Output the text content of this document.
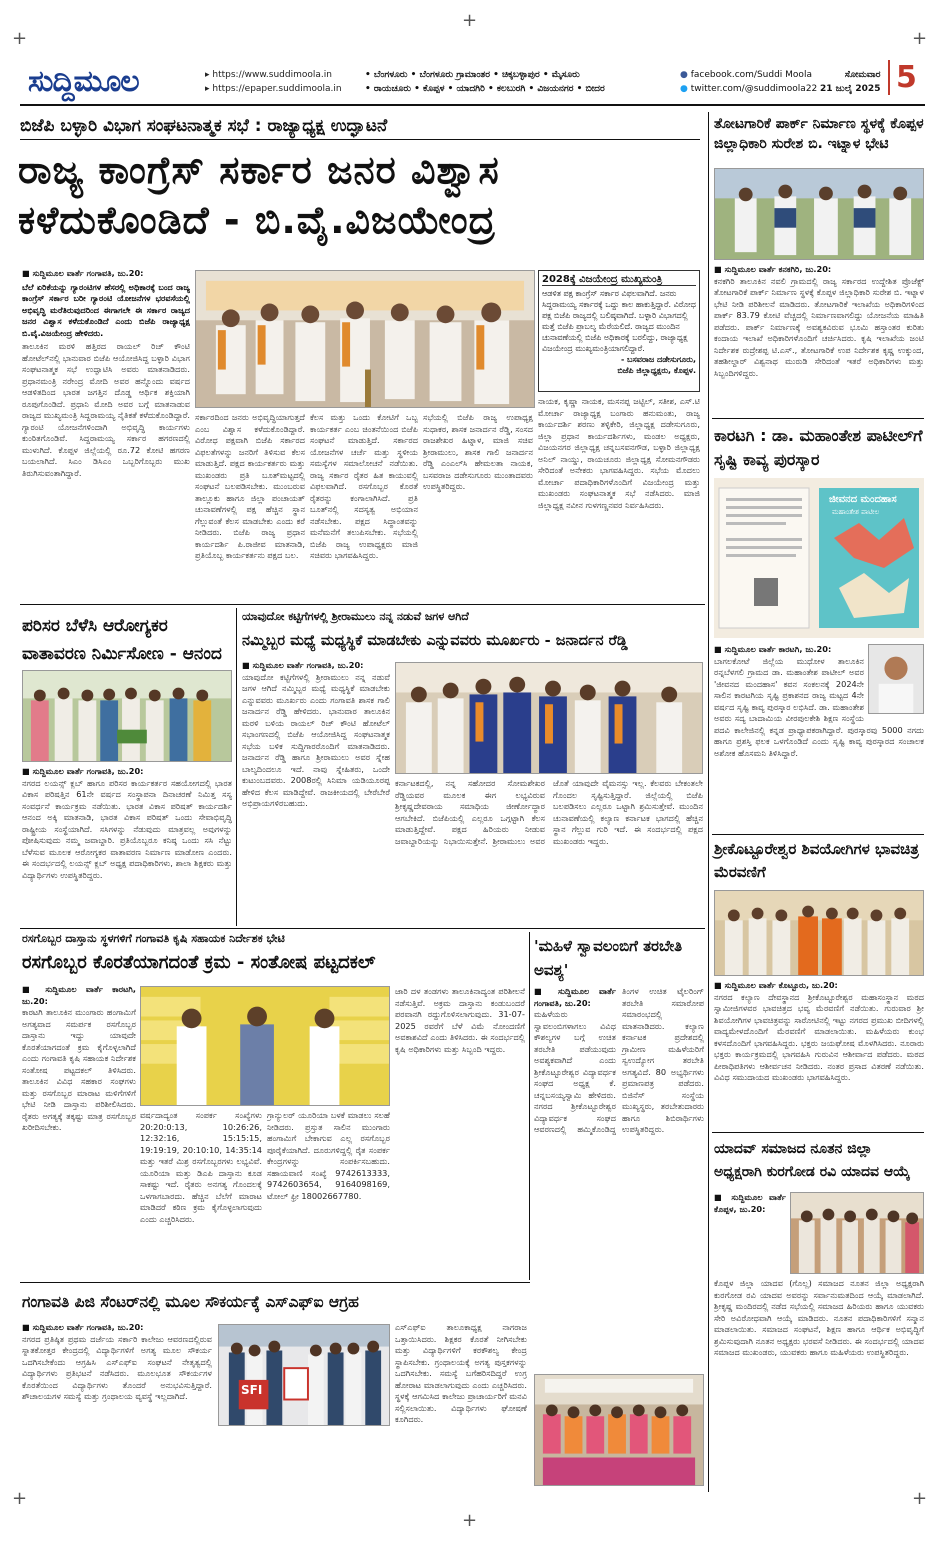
+
+
+
+
+
+
ಸುದ್ದಿಮೂಲ	▸ https://www.suddimoola.in
▸ https://epaper.suddimoola.in
• ಬೆಂಗಳೂರು • ಬೆಂಗಳೂರು ಗ್ರಾಮಾಂತರ • ಚಿಕ್ಕಬಳ್ಳಾಪುರ • ಮೈಸೂರು
• ರಾಯಚೂರು • ಕೊಪ್ಪಳ • ಯಾದಗಿರಿ • ಕಲಬುರಗಿ • ವಿಜಯನಗರ • ಬೀದರ
● facebook.com/Suddi Moola
● twitter.com/@suddimoola22
ಸೋಮವಾರ
21 ಜುಲೈ 2025 5
ಬಿಜೆಪಿ ಬಳ್ಳಾರಿ ವಿಭಾಗ ಸಂಘಟನಾತ್ಮಕ ಸಭೆ : ರಾಜ್ಯಾಧ್ಯಕ್ಷ ಉದ್ಘಾಟನೆ
ರಾಜ್ಯ ಕಾಂಗ್ರೆಸ್ ಸರ್ಕಾರ ಜನರ ವಿಶ್ವಾಸ
ಕಳೆದುಕೊಂಡಿದೆ - ಬಿ.ವೈ.ವಿಜಯೇಂದ್ರ
■ ಸುದ್ದಿಮೂಲ ವಾರ್ತೆ ಗಂಗಾವತಿ, ಜು.20:
ಬೆಲೆ ಏರಿಕೆಯನ್ನು ಗ್ಯಾರಂಟಿಗಳ ಹೆಸರಲ್ಲಿ ಅಧಿಕಾರಕ್ಕೆ ಬಂದ ರಾಜ್ಯ ಕಾಂಗ್ರೆಸ್ ಸರ್ಕಾರ ಬರೀ ಗ್ಯಾರಂಟಿ ಯೋಜನೆಗಳ ಭರವಸೆಯಲ್ಲಿ ಅಭಿವೃದ್ಧಿ ಮರೆತಿರುವುದರಿಂದ ಈಗಾಗಲೇ ಈ ಸರ್ಕಾರ ರಾಜ್ಯದ ಜನರ ವಿಶ್ವಾಸ ಕಳೆದುಕೊಂಡಿದೆ ಎಂದು ಬಿಜೆಪಿ ರಾಜ್ಯಾಧ್ಯಕ್ಷ ಬಿ.ವೈ.ವಿಜಯೇಂದ್ರ ಹೇಳಿದರು.
ತಾಲೂಕಿನ ಮರಳಿ ಹತ್ತಿರದ ರಾಯಲ್ ರಿಚ್ ಕೌಂಟಿ ಹೋಟೆಲ್‌ನಲ್ಲಿ ಭಾನುವಾರ ಬಿಜೆಪಿ ಆಯೋಜಿಸಿದ್ದ ಬಳ್ಳಾರಿ ವಿಭಾಗ ಸಂಘಟನಾತ್ಮಕ ಸಭೆ ಉದ್ಘಾಟಿಸಿ ಅವರು ಮಾತನಾಡಿದರು. ಪ್ರಧಾನಮಂತ್ರಿ ನರೇಂದ್ರ ಮೋದಿ ಅವರ ಹನ್ನೊಂದು ವರ್ಷದ ಆಡಳಿತದಿಂದ ಭಾರತ ಜಗತ್ತಿನ ದೊಡ್ಡ ಆರ್ಥಿಕ ಶಕ್ತಿಯಾಗಿ ರೂಪುಗೊಂಡಿದೆ. ಪ್ರಧಾನಿ ಮೋದಿ ಅವರ ಬಗ್ಗೆ ಮಾತನಾಡುವ ರಾಜ್ಯದ ಮುಖ್ಯಮಂತ್ರಿ ಸಿದ್ದರಾಮಯ್ಯ ನೈತಿಕತೆ ಕಳೆದುಕೊಂಡಿದ್ದಾರೆ. ಗ್ಯಾರಂಟಿ ಯೋಜನೆಗಳಿಂದಾಗಿ ಅಭಿವೃದ್ಧಿ ಕಾರ್ಯಗಳು ಕುಂಠಿತಗೊಂಡಿವೆ. ಸಿದ್ದರಾಮಯ್ಯ ಸರ್ಕಾರ ಹಗರಣದಲ್ಲಿ ಮುಳುಗಿದೆ. ಕೊಪ್ಪಳ ಜಿಲ್ಲೆಯಲ್ಲಿ ರೂ.72 ಕೋಟಿ ಹಗರಣ ಬಯಲಾಗಿದೆ. ಸಿಎಂ ಡಿಸಿಎಂ ಒಬ್ಬರಿಗೊಬ್ಬರು ಮುಖ ತಿರುಗಿಸುವಂತಾಗಿದ್ದಾರೆ.
2028ಕ್ಕೆ ವಿಜಯೇಂದ್ರ ಮುಖ್ಯಮಂತ್ರಿ
ಆಡಳಿತ ಪಕ್ಷ ಕಾಂಗ್ರೆಸ್ ಸರ್ಕಾರ ವಿಫಲವಾಗಿದೆ. ಜನರು ಸಿದ್ದರಾಮಯ್ಯ ಸರ್ಕಾರಕ್ಕೆ ಒದ್ದು ಕಾಲ ಹಾಕುತ್ತಿದ್ದಾರೆ. ವಿರೋಧ ಪಕ್ಷ ಬಿಜೆಪಿ ರಾಜ್ಯದಲ್ಲಿ ಬಲಿಷ್ಠವಾಗಿದೆ. ಬಳ್ಳಾರಿ ವಿಭಾಗದಲ್ಲಿ ಮತ್ತೆ ಬಿಜೆಪಿ ಪ್ರಾಬಲ್ಯ ಮೆರೆಯಲಿದೆ. ರಾಜ್ಯದ ಮುಂದಿನ ಚುನಾವಣೆಯಲ್ಲಿ ಬಿಜೆಪಿ ಅಧಿಕಾರಕ್ಕೆ ಬರಲಿದ್ದು, ರಾಜ್ಯಾಧ್ಯಕ್ಷ ವಿಜಯೇಂದ್ರ ಮುಖ್ಯಮಂತ್ರಿಯಾಗಲಿದ್ದಾರೆ.
- ಬಸವರಾಜ ದಡೇಸುಗೂರು,
ಬಿಜೆಪಿ ಜಿಲ್ಲಾಧ್ಯಕ್ಷರು, ಕೊಪ್ಪಳ.
ಸರ್ಕಾರದಿಂದ ಜನರು ಅಭಿವೃದ್ಧಿಯಾಗುತ್ತದೆ ಎಂಬ ವಿಶ್ವಾಸ ಕಳೆದುಕೊಂಡಿದ್ದಾರೆ. ವಿರೋಧ ಪಕ್ಷವಾಗಿ ಬಿಜೆಪಿ ಸರ್ಕಾರದ ವಿಫಲತೆಗಳನ್ನು ಜನರಿಗೆ ತಿಳಿಸುವ ಕೆಲಸ ಮಾಡುತ್ತಿದೆ. ಪಕ್ಷದ ಕಾರ್ಯಕರ್ತರು ಮತ್ತು ಮುಖಂಡರು ಪ್ರತಿ ಬೂತ್‌ಮಟ್ಟದಲ್ಲಿ ಸಂಘಟನೆ ಬಲಪಡಿಸಬೇಕು. ಮುಂಬರುವ ತಾಲ್ಲೂಕು ಹಾಗೂ ಜಿಲ್ಲಾ ಪಂಚಾಯತ್ ಚುನಾವಣೆಗಳಲ್ಲಿ ಪಕ್ಷ ಹೆಚ್ಚಿನ ಸ್ಥಾನ ಗೆಲ್ಲುವಂತೆ ಕೆಲಸ ಮಾಡಬೇಕು ಎಂದು ಕರೆ ನೀಡಿದರು. ಬಿಜೆಪಿ ರಾಜ್ಯ ಪ್ರಧಾನ ಕಾರ್ಯದರ್ಶಿ ಪಿ.ರಾಜೀವ ಮಾತನಾಡಿ, ಪ್ರತಿಯೊಬ್ಬ ಕಾರ್ಯಕರ್ತನು ಪಕ್ಷದ ಬಲ.
ಕೆಲಸ ಮತ್ತು ಒಂದು ಕೋಟಿಗೆ ಒಬ್ಬ ಕಾರ್ಯಕರ್ತ ಎಂಬ ಚಿಂತನೆಯಿಂದ ಬಿಜೆಪಿ ಸಂಘಟನೆ ಮಾಡುತ್ತಿದೆ. ಸರ್ಕಾರದ ಯೋಜನೆಗಳ ಚರ್ಚೆ ಮತ್ತು ಸ್ಥಳೀಯ ಸಮಸ್ಯೆಗಳ ಸಮಾಲೋಚನೆ ನಡೆಯಿತು. ರಾಜ್ಯ ಸರ್ಕಾರ ರೈತರ ಹಿತ ಕಾಯುವಲ್ಲಿ ವಿಫಲವಾಗಿದೆ. ರಸಗೊಬ್ಬರ ಕೊರತೆ ರೈತರನ್ನು ಕಂಗಾಲಾಗಿಸಿದೆ. ಪ್ರತಿ ಬೂತ್‌ನಲ್ಲಿ ಸದಸ್ಯತ್ವ ಅಭಿಯಾನ ನಡೆಸಬೇಕು. ಪಕ್ಷದ ಸಿದ್ಧಾಂತವನ್ನು ಮನೆಮನೆಗೆ ತಲುಪಿಸಬೇಕು. ಸಭೆಯಲ್ಲಿ ಬಿಜೆಪಿ ರಾಜ್ಯ ಉಪಾಧ್ಯಕ್ಷರು ಮಾಜಿ ಸಚಿವರು ಭಾಗವಹಿಸಿದ್ದರು.
ಸಭೆಯಲ್ಲಿ ಬಿಜೆಪಿ ರಾಜ್ಯ ಉಪಾಧ್ಯಕ್ಷ ಸುಧಾಕರ, ಶಾಸಕ ಜನಾರ್ದನ ರೆಡ್ಡಿ, ಸಂಸದ ರಾಜಶೇಖರ ಹಿಟ್ನಾಳ, ಮಾಜಿ ಸಚಿವ ಶ್ರೀರಾಮುಲು, ಶಾಸಕ ಗಾಲಿ ಜನಾರ್ದನ ರೆಡ್ಡಿ ಎಂಎಲ್‌ಸಿ ಹೇಮಲತಾ ನಾಯಕ, ಬಸವರಾಜ ದಡೇಸುಗೂರು ಮುಂತಾದವರು ಉಪಸ್ಥಿತರಿದ್ದರು.
ನಾಯಕ, ಕೃಷ್ಣಾ ನಾಯಕ, ಮಸನಪ್ಪ ಜಟ್ಟಿಲ್, ಸತೀಶ, ಎಸ್.ಟಿ ಮೋರ್ಚಾ ರಾಜ್ಯಾಧ್ಯಕ್ಷ ಬಂಗಾರು ಹನುಮಂತು, ರಾಜ್ಯ ಕಾರ್ಯದರ್ಶಿ ಶರಣು ತಳ್ಳಿಕೇರಿ, ಜಿಲ್ಲಾಧ್ಯಕ್ಷ ದಡೇಸುಗೂರು, ಜಿಲ್ಲಾ ಪ್ರಧಾನ ಕಾರ್ಯದರ್ಶಿಗಳು, ಮಂಡಲ ಅಧ್ಯಕ್ಷರು, ವಿಜಯನಗರ ಜಿಲ್ಲಾಧ್ಯಕ್ಷ ಚನ್ನಬಸವನಗೌಡ, ಬಳ್ಳಾರಿ ಜಿಲ್ಲಾಧ್ಯಕ್ಷ ಅನಿಲ್ ನಾಯ್ಡು, ರಾಯಚೂರು ಜಿಲ್ಲಾಧ್ಯಕ್ಷ ಸೋಮನಗೌಡರು ಸೇರಿದಂತೆ ಅನೇಕರು ಭಾಗವಹಿಸಿದ್ದರು. ಸಭೆಯ ಮೊದಲು ಮೋರ್ಚಾ ಪದಾಧಿಕಾರಿಗಳೊಂದಿಗೆ ವಿಜಯೇಂದ್ರ ಮತ್ತು ಮುಖಂಡರು ಸಂಘಟನಾತ್ಮಕ ಸಭೆ ನಡೆಸಿದರು. ಮಾಜಿ ಜಿಲ್ಲಾಧ್ಯಕ್ಷ ನವೀನ ಗುಳಗಣ್ಣನವರ ನಿರ್ವಹಿಸಿದರು.
ತೋಟಗಾರಿಕೆ ಪಾರ್ಕ್ ನಿರ್ಮಾಣ ಸ್ಥಳಕ್ಕೆ ಕೊಪ್ಪಳ ಜಿಲ್ಲಾಧಿಕಾರಿ ಸುರೇಶ ಬಿ. ಇಟ್ನಾಳ ಭೇಟಿ
■ ಸುದ್ದಿಮೂಲ ವಾರ್ತೆ ಕನಕಗಿರಿ, ಜು.20:
ಕನಕಗಿರಿ ತಾಲೂಕಿನ ನವಲಿ ಗ್ರಾಮದಲ್ಲಿ ರಾಜ್ಯ ಸರ್ಕಾರದ ಉದ್ದೇಶಿತ ಪ್ರೊಜೆಕ್ಟ್ ತೋಟಗಾರಿಕೆ ಪಾರ್ಕ್ ನಿರ್ಮಾಣ ಸ್ಥಳಕ್ಕೆ ಕೊಪ್ಪಳ ಜಿಲ್ಲಾಧಿಕಾರಿ ಸುರೇಶ ಬಿ. ಇಟ್ನಾಳ ಭೇಟಿ ನೀಡಿ ಪರಿಶೀಲನೆ ಮಾಡಿದರು. ತೋಟಗಾರಿಕೆ ಇಲಾಖೆಯ ಅಧಿಕಾರಿಗಳಿಂದ ಪಾರ್ಕ್ 83.79 ಕೋಟಿ ವೆಚ್ಚದಲ್ಲಿ ನಿರ್ಮಾಣವಾಗಲಿದ್ದು ಯೋಜನೆಯ ಮಾಹಿತಿ ಪಡೆದರು. ಪಾರ್ಕ್ ನಿರ್ಮಾಣಕ್ಕೆ ಅವಶ್ಯಕವಿರುವ ಭೂಮಿ ಹಸ್ತಾಂತರ ಕುರಿತು ಕಂದಾಯ ಇಲಾಖೆ ಅಧಿಕಾರಿಗಳೊಂದಿಗೆ ಚರ್ಚಿಸಿದರು. ಕೃಷಿ ಇಲಾಖೆಯ ಜಂಟಿ ನಿರ್ದೇಶಕ ರುದ್ರೇಶಪ್ಪ ಟಿ.ಎಸ್., ತೋಟಗಾರಿಕೆ ಉಪ ನಿರ್ದೇಶಕ ಕೃಷ್ಣ ಉಕ್ಕುಂದ, ತಹಶೀಲ್ದಾರ್ ವಿಶ್ವನಾಥ ಮುರುಡಿ ಸೇರಿದಂತೆ ಇತರೆ ಅಧಿಕಾರಿಗಳು ಮತ್ತು ಸಿಬ್ಬಂದಿಗಳಿದ್ದರು.
ಕಾರಟಗಿ : ಡಾ. ಮಹಾಂತೇಶ ಪಾಟೀಲ್‌ಗೆ ಸೃಷ್ಟಿ ಕಾವ್ಯ ಪುರಸ್ಕಾರ
ಜೀವನದ ಮಂದಹಾಸ
ಮಹಾಂತೇಶ ಪಾಟೀಲ
■ ಸುದ್ದಿಮೂಲ ವಾರ್ತೆ ಕಾರಟಗಿ, ಜು.20:
ಬಾಗಲಕೋಟೆ ಜಿಲ್ಲೆಯ ಮುಧೋಳ ತಾಲೂಕಿನ ರನ್ನಬೆಳಗಲಿ ಗ್ರಾಮದ ಡಾ. ಮಹಾಂತೇಶ ಪಾಟೀಲ್ ಅವರ 'ಜೀವನದ ಮಂದಹಾಸ' ಕವನ ಸಂಕಲನಕ್ಕೆ 2024ನೇ ಸಾಲಿನ ಕಾರಟಗಿಯ ಸೃಷ್ಟಿ ಪ್ರಕಾಶನದ ರಾಜ್ಯ ಮಟ್ಟದ 4ನೇ ವರ್ಷದ ಸೃಷ್ಟಿ ಕಾವ್ಯ ಪುರಸ್ಕಾರ ಲಭಿಸಿದೆ. ಡಾ. ಮಹಾಂತೇಶ ಅವರು ಸದ್ಯ ಬಾದಾಮಿಯ ವೀರಪುಲಕೇಶಿ ಶಿಕ್ಷಣ ಸಂಸ್ಥೆಯ ಪದವಿ ಕಾಲೇಜಿನಲ್ಲಿ ಕನ್ನಡ ಪ್ರಾಧ್ಯಾಪಕರಾಗಿದ್ದಾರೆ. ಪುರಸ್ಕಾರವು 5000 ನಗದು ಹಾಗೂ ಪ್ರಶಸ್ತಿ ಫಲಕ ಒಳಗೊಂಡಿದೆ ಎಂದು ಸೃಷ್ಟಿ ಕಾವ್ಯ ಪುರಸ್ಕಾರದ ಸಂಚಾಲಕ ಅಶೋಕ ಹೊಸಮನಿ ತಿಳಿಸಿದ್ದಾರೆ.
ಶ್ರೀಕೊಟ್ಟೂರೇಶ್ವರ ಶಿವಯೋಗಿಗಳ ಭಾವಚಿತ್ರ ಮೆರವಣಿಗೆ
■ ಸುದ್ದಿಮೂಲ ವಾರ್ತೆ ಕೊಟ್ಟೂರು, ಜು.20:
ನಗರದ ಕಲ್ಯಾಣ ದೇವಸ್ಥಾನದ ಶ್ರೀಕೊಟ್ಟೂರೇಶ್ವರ ಮಹಾಸಂಸ್ಥಾನ ಮಠದ ಸ್ವಾಮೀಜಿಗಳವರ ಭಾವಚಿತ್ರದ ಭವ್ಯ ಮೆರವಣಿಗೆ ನಡೆಯಿತು. ಗುರುವಾರ ಶ್ರೀ ಶಿವಯೋಗಿಗಳ ಭಾವಚಿತ್ರವನ್ನು ಸಾರೋಟಿನಲ್ಲಿ ಇಟ್ಟು ನಗರದ ಪ್ರಮುಖ ಬೀದಿಗಳಲ್ಲಿ ವಾದ್ಯಮೇಳದೊಂದಿಗೆ ಮೆರವಣಿಗೆ ಮಾಡಲಾಯಿತು. ಮಹಿಳೆಯರು ಕುಂಭ ಕಳಸದೊಂದಿಗೆ ಭಾಗವಹಿಸಿದ್ದರು. ಭಕ್ತರು ಜಯಘೋಷ ಮೊಳಗಿಸಿದರು. ನೂರಾರು ಭಕ್ತರು ಕಾರ್ಯಕ್ರಮದಲ್ಲಿ ಭಾಗವಹಿಸಿ ಗುರುವಿನ ಆಶೀರ್ವಾದ ಪಡೆದರು. ಮಠದ ಪೀಠಾಧಿಪತಿಗಳು ಆಶೀರ್ವಚನ ನೀಡಿದರು. ನಂತರ ಪ್ರಸಾದ ವಿತರಣೆ ನಡೆಯಿತು. ವಿವಿಧ ಸಮುದಾಯದ ಮುಖಂಡರು ಭಾಗವಹಿಸಿದ್ದರು.
ಯಾದವ್ ಸಮಾಜದ ನೂತನ ಜಿಲ್ಲಾ ಅಧ್ಯಕ್ಷರಾಗಿ ಕುರಗೋಡ ರವಿ ಯಾದವ ಆಯ್ಕೆ
■ ಸುದ್ದಿಮೂಲ ವಾರ್ತೆ ಕೊಪ್ಪಳ, ಜು.20:
ಕೊಪ್ಪಳ ಜಿಲ್ಲಾ ಯಾದವ (ಗೊಲ್ಲ) ಸಮಾಜದ ನೂತನ ಜಿಲ್ಲಾ ಅಧ್ಯಕ್ಷರಾಗಿ ಕುರಗೋಡ ರವಿ ಯಾದವ ಅವರನ್ನು ಸರ್ವಾನುಮತದಿಂದ ಆಯ್ಕೆ ಮಾಡಲಾಗಿದೆ. ಶ್ರೀಕೃಷ್ಣ ಮಂದಿರದಲ್ಲಿ ನಡೆದ ಸಭೆಯಲ್ಲಿ ಸಮಾಜದ ಹಿರಿಯರು ಹಾಗೂ ಯುವಕರು ಸೇರಿ ಅವಿರೋಧವಾಗಿ ಆಯ್ಕೆ ಮಾಡಿದರು. ನೂತನ ಪದಾಧಿಕಾರಿಗಳಿಗೆ ಸನ್ಮಾನ ಮಾಡಲಾಯಿತು. ಸಮಾಜದ ಸಂಘಟನೆ, ಶಿಕ್ಷಣ ಹಾಗೂ ಆರ್ಥಿಕ ಅಭಿವೃದ್ಧಿಗೆ ಶ್ರಮಿಸುವುದಾಗಿ ನೂತನ ಅಧ್ಯಕ್ಷರು ಭರವಸೆ ನೀಡಿದರು. ಈ ಸಂದರ್ಭದಲ್ಲಿ ಯಾದವ ಸಮಾಜದ ಮುಖಂಡರು, ಯುವಕರು ಹಾಗೂ ಮಹಿಳೆಯರು ಉಪಸ್ಥಿತರಿದ್ದರು.
ಪರಿಸರ ಬೆಳೆಸಿ ಆರೋಗ್ಯಕರ ವಾತಾವರಣ ನಿರ್ಮಿಸೋಣ - ಆನಂದ
■ ಸುದ್ದಿಮೂಲ ವಾರ್ತೆ ಗಂಗಾವತಿ, ಜು.20:
ನಗರದ ಲಯನ್ಸ್ ಕ್ಲಬ್ ಹಾಗೂ ಪರಿಸರ ಕಾರ್ಯಕರ್ತರ ಸಹಯೋಗದಲ್ಲಿ ಭಾರತ ವಿಕಾಸ ಪರಿಷತ್ತಿನ 61ನೇ ವರ್ಷದ ಸಂಸ್ಥಾಪನಾ ದಿನಾಚರಣೆ ನಿಮಿತ್ತ ಸಸ್ಯ ಸಂವರ್ಧನೆ ಕಾರ್ಯಕ್ರಮ ನಡೆಯಿತು. ಭಾರತ ವಿಕಾಸ ಪರಿಷತ್ ಕಾರ್ಯದರ್ಶಿ ಆನಂದ ಅಕ್ಕಿ ಮಾತನಾಡಿ, ಭಾರತ ವಿಕಾಸ ಪರಿಷತ್ ಒಂದು ಸೇವಾಭಿವೃದ್ಧಿ ರಾಷ್ಟ್ರೀಯ ಸಂಸ್ಥೆಯಾಗಿದೆ. ಸಸಿಗಳನ್ನು ನೆಡುವುದು ಮಾತ್ರವಲ್ಲ ಅವುಗಳನ್ನು ಪೋಷಿಸುವುದು ನಮ್ಮ ಜವಾಬ್ದಾರಿ. ಪ್ರತಿಯೊಬ್ಬರೂ ಕನಿಷ್ಠ ಒಂದು ಸಸಿ ನೆಟ್ಟು ಬೆಳೆಸುವ ಮೂಲಕ ಆರೋಗ್ಯಕರ ವಾತಾವರಣ ನಿರ್ಮಾಣ ಮಾಡೋಣ ಎಂದರು. ಈ ಸಂದರ್ಭದಲ್ಲಿ ಲಯನ್ಸ್ ಕ್ಲಬ್ ಅಧ್ಯಕ್ಷ ಪದಾಧಿಕಾರಿಗಳು, ಶಾಲಾ ಶಿಕ್ಷಕರು ಮತ್ತು ವಿದ್ಯಾರ್ಥಿಗಳು ಉಪಸ್ಥಿತರಿದ್ದರು.
ಯಾವುದೋ ಕಟ್ಟಿಗೆಗಳಲ್ಲಿ ಶ್ರೀರಾಮುಲು ನನ್ನ ನಡುವೆ ಜಗಳ ಆಗಿದೆ
ನಮ್ಮಿಬ್ಬರ ಮಧ್ಯೆ ಮಧ್ಯಸ್ಥಿಕೆ ಮಾಡಬೇಕು ಎನ್ನುವವರು ಮೂರ್ಖರು - ಜನಾರ್ದನ ರೆಡ್ಡಿ
■ ಸುದ್ದಿಮೂಲ ವಾರ್ತೆ ಗಂಗಾವತಿ, ಜು.20:
ಯಾವುದೋ ಕಟ್ಟಿಗೆಗಳಲ್ಲಿ ಶ್ರೀರಾಮುಲು ನನ್ನ ನಡುವೆ ಜಗಳ ಆಗಿದೆ ನಮ್ಮಿಬ್ಬರ ಮಧ್ಯೆ ಮಧ್ಯಸ್ಥಿಕೆ ಮಾಡಬೇಕು ಎನ್ನುವವರು ಮೂರ್ಖರು ಎಂದು ಗಂಗಾವತಿ ಶಾಸಕ ಗಾಲಿ ಜನಾರ್ದನ ರೆಡ್ಡಿ ಹೇಳಿದರು. ಭಾನುವಾರ ತಾಲೂಕಿನ ಮರಳಿ ಬಳಿಯ ರಾಯಲ್ ರಿಚ್ ಕೌಂಟಿ ಹೋಟೆಲ್ ಸಭಾಂಗಣದಲ್ಲಿ ಬಿಜೆಪಿ ಆಯೋಜಿಸಿದ್ದ ಸಂಘಟನಾತ್ಮಕ ಸಭೆಯ ಬಳಿಕ ಸುದ್ದಿಗಾರರೊಂದಿಗೆ ಮಾತನಾಡಿದರು. ಜನಾರ್ದನ ರೆಡ್ಡಿ ಹಾಗೂ ಶ್ರೀರಾಮುಲು ಅವರ ಸ್ನೇಹ ಬಾಲ್ಯದಿಂದಲೂ ಇದೆ. ನಾವು ಸ್ನೇಹಿತರು, ಒಂದೇ ಕುಟುಂಬದವರು. 2008ರಲ್ಲಿ ಸಿನಿಮಾ ಯಡಿಯೂರಪ್ಪ ಹೇಳಿದ ಕೆಲಸ ಮಾಡಿದ್ದೇವೆ. ರಾಜಕೀಯದಲ್ಲಿ ಬೇರೆಬೇರೆ ಅಭಿಪ್ರಾಯಗಳಿರಬಹುದು.
ಕರ್ನಾಟಕದಲ್ಲಿ, ನನ್ನ ಸಹೋದರ ಸೋಮಶೇಖರ ರೆಡ್ಡಿಯವರ ಮೂಲಕ ಈಗ ಲಭ್ಯವಿರುವ ಶ್ರೀಕೃಷ್ಣದೇವರಾಯ ಸಮಾಧಿಯ ಜೀರ್ಣೋದ್ಧಾರ ಆಗಬೇಕಿದೆ. ಬಿಜೆಪಿಯಲ್ಲಿ ಎಲ್ಲರೂ ಒಗ್ಗಟ್ಟಾಗಿ ಕೆಲಸ ಮಾಡುತ್ತಿದ್ದೇವೆ. ಪಕ್ಷದ ಹಿರಿಯರು ನೀಡುವ ಜವಾಬ್ದಾರಿಯನ್ನು ನಿಭಾಯಿಸುತ್ತೇನೆ. ಶ್ರೀರಾಮುಲು ಅವರ ಜೊತೆ ಯಾವುದೇ ವೈಮನಸ್ಸು ಇಲ್ಲ. ಕೆಲವರು ಬೇಕಂತಲೇ ಗೊಂದಲ ಸೃಷ್ಟಿಸುತ್ತಿದ್ದಾರೆ. ಜಿಲ್ಲೆಯಲ್ಲಿ ಬಿಜೆಪಿ ಬಲಪಡಿಸಲು ಎಲ್ಲರೂ ಒಟ್ಟಾಗಿ ಶ್ರಮಿಸುತ್ತೇವೆ. ಮುಂದಿನ ಚುನಾವಣೆಯಲ್ಲಿ ಕಲ್ಯಾಣ ಕರ್ನಾಟಕ ಭಾಗದಲ್ಲಿ ಹೆಚ್ಚಿನ ಸ್ಥಾನ ಗೆಲ್ಲುವ ಗುರಿ ಇದೆ. ಈ ಸಂದರ್ಭದಲ್ಲಿ ಪಕ್ಷದ ಮುಖಂಡರು ಇದ್ದರು.
ರಸಗೊಬ್ಬರ ದಾಸ್ತಾನು ಸ್ಥಳಗಳಿಗೆ ಗಂಗಾವತಿ ಕೃಷಿ ಸಹಾಯಕ ನಿರ್ದೇಶಕ ಭೇಟಿ
ರಸಗೊಬ್ಬರ ಕೊರತೆಯಾಗದಂತೆ ಕ್ರಮ - ಸಂತೋಷ ಪಟ್ಟದಕಲ್
■ ಸುದ್ದಿಮೂಲ ವಾರ್ತೆ ಕಾರಟಗಿ, ಜು.20:
ಕಾರಟಗಿ ತಾಲೂಕಿನ ಮುಂಗಾರು ಹಂಗಾಮಿಗೆ ಅಗತ್ಯವಾದ ಸಮರ್ಪಕ ರಸಗೊಬ್ಬರ ದಾಸ್ತಾನು ಇದ್ದು ಯಾವುದೇ ಕೊರತೆಯಾಗದಂತೆ ಕ್ರಮ ಕೈಗೊಳ್ಳಲಾಗಿದೆ ಎಂದು ಗಂಗಾವತಿ ಕೃಷಿ ಸಹಾಯಕ ನಿರ್ದೇಶಕ ಸಂತೋಷ ಪಟ್ಟದಕಲ್ ತಿಳಿಸಿದರು. ತಾಲೂಕಿನ ವಿವಿಧ ಸಹಕಾರ ಸಂಘಗಳು ಮತ್ತು ರಸಗೊಬ್ಬರ ಮಾರಾಟ ಮಳಿಗೆಗಳಿಗೆ ಭೇಟಿ ನೀಡಿ ದಾಸ್ತಾನು ಪರಿಶೀಲಿಸಿದರು. ರೈತರು ಅಗತ್ಯಕ್ಕೆ ತಕ್ಕಷ್ಟು ಮಾತ್ರ ರಸಗೊಬ್ಬರ ಖರೀದಿಸಬೇಕು.
ವರ್ಷದಾದ್ಯಂತ ಸಂಪರ್ಕ ಸಂಖ್ಯೆಗಳು 20:20:0:13, 10:26:26, 12:32:16, 15:15:15, 19:19:19, 20:10:10, 14:35:14 ಮತ್ತು ಇತರೆ ಮಿಶ್ರ ರಸಗೊಬ್ಬರಗಳು ಲಭ್ಯವಿವೆ. ಯೂರಿಯಾ ಮತ್ತು ಡಿಎಪಿ ದಾಸ್ತಾನು ಕೂಡ ಸಾಕಷ್ಟು ಇದೆ. ರೈತರು ಅನಗತ್ಯ ಗೊಂದಲಕ್ಕೆ ಒಳಗಾಗಬಾರದು. ಹೆಚ್ಚಿನ ಬೆಲೆಗೆ ಮಾರಾಟ ಮಾಡಿದರೆ ಕಠಿಣ ಕ್ರಮ ಕೈಗೊಳ್ಳಲಾಗುವುದು ಎಂದು ಎಚ್ಚರಿಸಿದರು.
ಗ್ರಾನ್ಯುಲರ್ ಯೂರಿಯಾ ಬಳಕೆ ಮಾಡಲು ಸಲಹೆ ನೀಡಿದರು. ಪ್ರಸ್ತುತ ಸಾಲಿನ ಮುಂಗಾರು ಹಂಗಾಮಿಗೆ ಬೇಕಾಗುವ ಎಲ್ಲ ರಸಗೊಬ್ಬರ ಪೂರೈಕೆಯಾಗಿದೆ. ದೂರುಗಳಿದ್ದಲ್ಲಿ ರೈತ ಸಂಪರ್ಕ ಕೇಂದ್ರಗಳನ್ನು ಸಂಪರ್ಕಿಸಬಹುದು. ಸಹಾಯವಾಣಿ ಸಂಖ್ಯೆ 9742613333, 9742603654, 9164098169, ಟೋಲ್ ಫ್ರೀ 18002667780.
ಜಾರಿ ದಳ ತಂಡಗಳು ತಾಲೂಕಿನಾದ್ಯಂತ ಪರಿಶೀಲನೆ ನಡೆಸುತ್ತಿವೆ. ಅಕ್ರಮ ದಾಸ್ತಾನು ಕಂಡುಬಂದರೆ ಪರವಾನಗಿ ರದ್ದುಗೊಳಿಸಲಾಗುವುದು. 31-07-2025 ರವರೆಗೆ ಬೆಳೆ ವಿಮೆ ನೋಂದಣಿಗೆ ಅವಕಾಶವಿದೆ ಎಂದು ತಿಳಿಸಿದರು. ಈ ಸಂದರ್ಭದಲ್ಲಿ ಕೃಷಿ ಅಧಿಕಾರಿಗಳು ಮತ್ತು ಸಿಬ್ಬಂದಿ ಇದ್ದರು.
'ಮಹಿಳೆ ಸ್ವಾವಲಂಬಿಗೆ ತರಬೇತಿ ಅವಶ್ಯ'
■ ಸುದ್ದಿಮೂಲ ವಾರ್ತೆ ಗಂಗಾವತಿ, ಜು.20:
ಮಹಿಳೆಯರು ಸ್ವಾವಲಂಬಿಗಳಾಗಲು ವಿವಿಧ ಕೌಶಲ್ಯಗಳ ಬಗ್ಗೆ ಉಚಿತ ತರಬೇತಿ ಪಡೆಯುವುದು ಅವಶ್ಯಕವಾಗಿದೆ ಎಂದು ಶ್ರೀಕೊಟ್ಟೂರೇಶ್ವರ ವಿದ್ಯಾವರ್ಧಕ ಸಂಘದ ಅಧ್ಯಕ್ಷ ಕೆ. ಚನ್ನಬಸಯ್ಯಸ್ವಾಮಿ ಹೇಳಿದರು. ನಗರದ ಶ್ರೀಕೊಟ್ಟೂರೇಶ್ವರ ವಿದ್ಯಾವರ್ಧಕ ಸಂಘದ ಆವರಣದಲ್ಲಿ ಹಮ್ಮಿಕೊಂಡಿದ್ದ ತಿಂಗಳ ಉಚಿತ ಟೈಲರಿಂಗ್ ತರಬೇತಿ ಸಮಾರೋಪ ಸಮಾರಂಭದಲ್ಲಿ ಮಾತನಾಡಿದರು. ಕಲ್ಯಾಣ ಕರ್ನಾಟಕ ಪ್ರದೇಶದಲ್ಲಿ ಗ್ರಾಮೀಣ ಮಹಿಳೆಯರಿಗೆ ಸ್ವಉದ್ಯೋಗ ತರಬೇತಿ ಅಗತ್ಯವಿದೆ. 80 ಅಭ್ಯರ್ಥಿಗಳು ಪ್ರಮಾಣಪತ್ರ ಪಡೆದರು. ಬಿಜಿನೆಸ್ ಸಂಸ್ಥೆಯ ಮುಖ್ಯಸ್ಥರು, ತರಬೇತುದಾರರು ಹಾಗೂ ಶಿಬಿರಾರ್ಥಿಗಳು ಉಪಸ್ಥಿತರಿದ್ದರು.
ಗಂಗಾವತಿ ಪಿಜಿ ಸೆಂಟರ್‌ನಲ್ಲಿ ಮೂಲ ಸೌಕರ್ಯಕ್ಕೆ ಎಸ್‌ಎಫ್‌ಐ ಆಗ್ರಹ
■ ಸುದ್ದಿಮೂಲ ವಾರ್ತೆ ಗಂಗಾವತಿ, ಜು.20:
ನಗರದ ಪ್ರತಿಷ್ಠಿತ ಪ್ರಥಮ ದರ್ಜೆಯ ಸರ್ಕಾರಿ ಕಾಲೇಜು ಆವರಣದಲ್ಲಿರುವ ಸ್ನಾತಕೋತ್ತರ ಕೇಂದ್ರದಲ್ಲಿ ವಿದ್ಯಾರ್ಥಿಗಳಿಗೆ ಅಗತ್ಯ ಮೂಲ ಸೌಕರ್ಯ ಒದಗಿಸಬೇಕೆಂದು ಆಗ್ರಹಿಸಿ ಎಸ್‌ಎಫ್‌ಐ ಸಂಘಟನೆ ನೇತೃತ್ವದಲ್ಲಿ ವಿದ್ಯಾರ್ಥಿಗಳು ಪ್ರತಿಭಟನೆ ನಡೆಸಿದರು. ಮೂಲಭೂತ ಸೌಕರ್ಯಗಳ ಕೊರತೆಯಿಂದ ವಿದ್ಯಾರ್ಥಿಗಳು ತೊಂದರೆ ಅನುಭವಿಸುತ್ತಿದ್ದಾರೆ. ಶೌಚಾಲಯಗಳ ಸಮಸ್ಯೆ ಮತ್ತು ಗ್ರಂಥಾಲಯ ವ್ಯವಸ್ಥೆ ಇಲ್ಲದಾಗಿದೆ.	SFI
ಎಸ್‌ಎಫ್‌ಐ ತಾಲೂಕಾಧ್ಯಕ್ಷ ನಾಗರಾಜ ಒತ್ತಾಯಿಸಿದರು. ಶಿಕ್ಷಕರ ಕೊರತೆ ನೀಗಿಸಬೇಕು ಮತ್ತು ವಿದ್ಯಾರ್ಥಿಗಳಿಗೆ ಕರಕೌಶಲ್ಯ ಕೇಂದ್ರ ಸ್ಥಾಪಿಸಬೇಕು. ಗ್ರಂಥಾಲಯಕ್ಕೆ ಅಗತ್ಯ ಪುಸ್ತಕಗಳನ್ನು ಒದಗಿಸಬೇಕು. ಸಮಸ್ಯೆ ಬಗೆಹರಿಸದಿದ್ದರೆ ಉಗ್ರ ಹೋರಾಟ ಮಾಡಲಾಗುವುದು ಎಂದು ಎಚ್ಚರಿಸಿದರು. ಸ್ಥಳಕ್ಕೆ ಆಗಮಿಸಿದ ಕಾಲೇಜು ಪ್ರಾಚಾರ್ಯರಿಗೆ ಮನವಿ ಸಲ್ಲಿಸಲಾಯಿತು. ವಿದ್ಯಾರ್ಥಿಗಳು ಘೋಷಣೆ ಕೂಗಿದರು.
